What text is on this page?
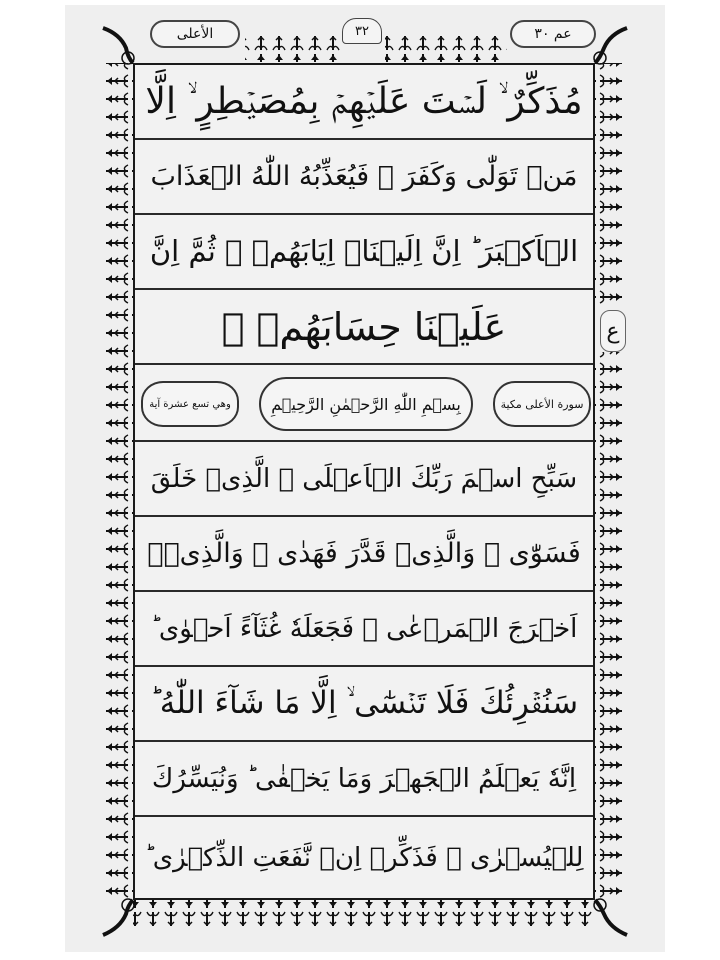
الأعلى	٣٢	عم ٣٠
مُذَكِّرٌ ۙ لَسۡتَ عَلَيۡهِمۡ بِمُصَيۡطِرٍ ۙ اِلَّا
مَنۡ تَوَلّٰى وَكَفَرَ ۙ فَيُعَذِّبُهُ اللّٰهُ الۡعَذَابَ
الۡاَكۡبَرَ ؕ اِنَّ اِلَيۡنَاۤ اِيَابَهُمۡ ۙ ثُمَّ اِنَّ
عَلَيۡنَا حِسَابَهُمۡ ۟
وهي تسع عشرة آية	بِسۡمِ اللّٰهِ الرَّحۡمٰنِ الرَّحِيۡمِ	سورة الأعلى مكية
سَبِّحِ اسۡمَ رَبِّكَ الۡاَعۡلَى ۙ الَّذِىۡ خَلَقَ
فَسَوّٰى ۙ وَالَّذِىۡ قَدَّرَ فَهَدٰى ۙ وَالَّذِىۡۤ
اَخۡرَجَ الۡمَرۡعٰى ۙ فَجَعَلَهٗ غُثَآءً اَحۡوٰى ؕ
سَنُقۡرِئُكَ فَلَا تَنۡسٰٓى ۙ اِلَّا مَا شَآءَ اللّٰهُ ؕ
اِنَّهٗ يَعۡلَمُ الۡجَهۡرَ وَمَا يَخۡفٰى ؕ وَنُيَسِّرُكَ
لِلۡيُسۡرٰى ۚ فَذَكِّرۡ اِنۡ نَّفَعَتِ الذِّكۡرٰى ؕ
ع
